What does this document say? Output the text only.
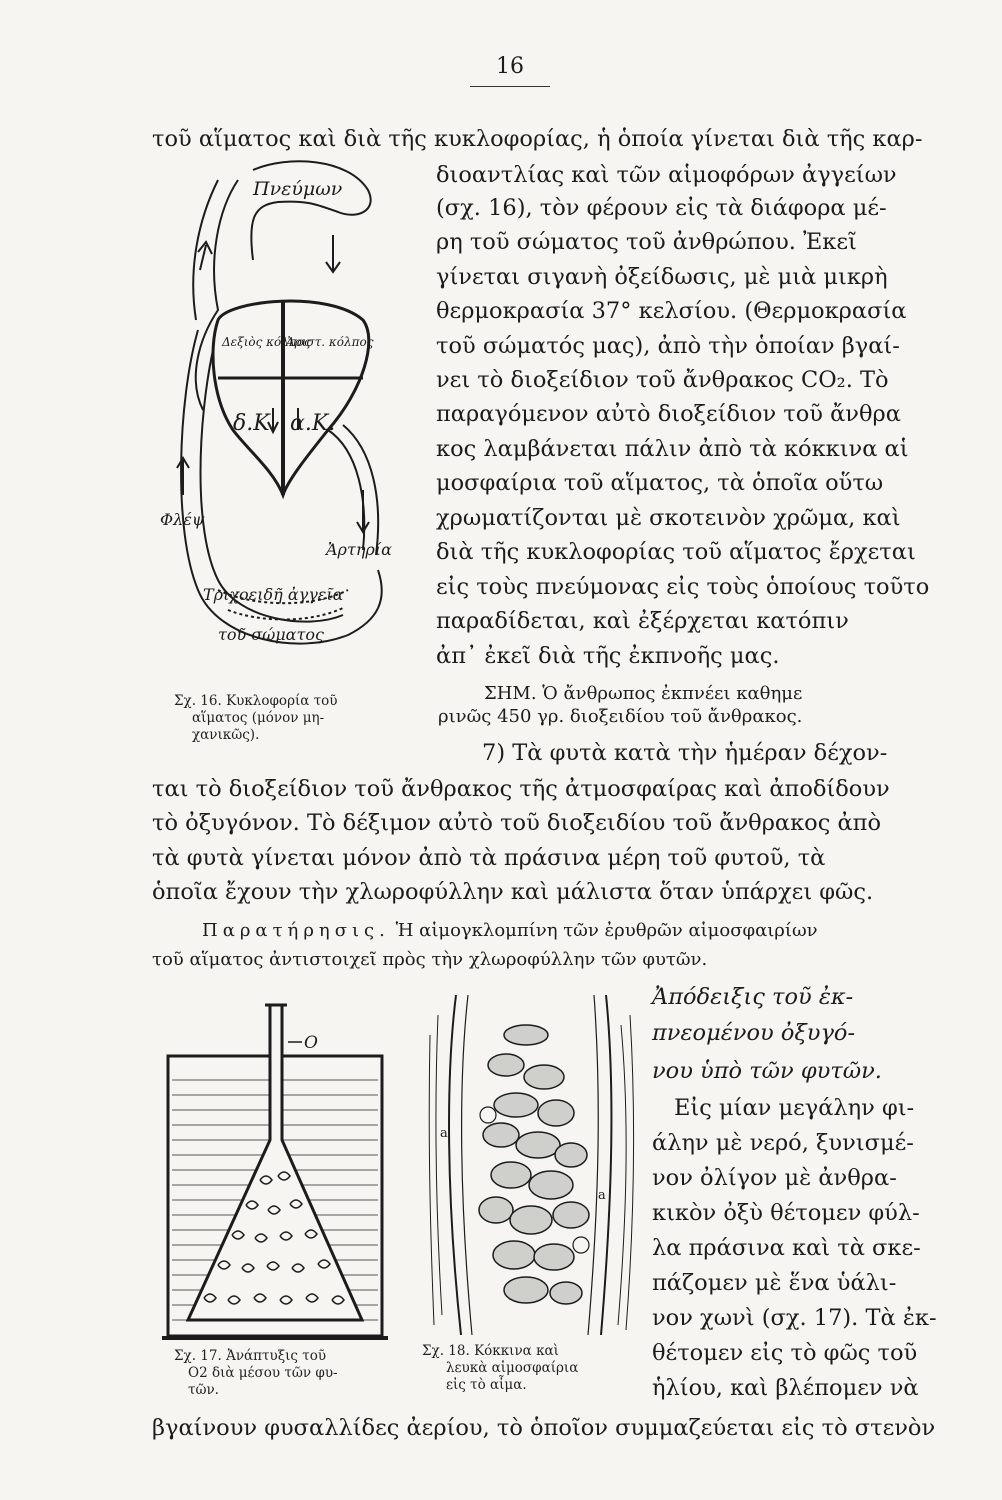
16
τοῦ αἵματος καὶ διὰ τῆς κυκλοφορίας, ἡ ὁποία γίνεται διὰ τῆς καρ-
διοαντλίας καὶ τῶν αἱμοφόρων ἀγγείων
(σχ. 16), τὸν φέρουν εἰς τὰ διάφορα μέ-
ρη τοῦ σώματος τοῦ ἀνθρώπου. Ἐκεῖ
γίνεται σιγανὴ ὀξείδωσις, μὲ μιὰ μικρὴ
θερμοκρασία 37° κελσίου. (Θερμοκρασία
τοῦ σώματός μας), ἀπὸ τὴν ὁποίαν βγαί-
νει τὸ διοξείδιον τοῦ ἄνθρακος CO₂. Τὸ
παραγόμενον αὐτὸ διοξείδιον τοῦ ἄνθρα
κος λαμβάνεται πάλιν ἀπὸ τὰ κόκκινα αἱ
μοσφαίρια τοῦ αἵματος, τὰ ὁποῖα οὕτω
χρωματίζονται μὲ σκοτεινὸν χρῶμα, καὶ
διὰ τῆς κυκλοφορίας τοῦ αἵματος ἔρχεται
εἰς τοὺς πνεύμονας εἰς τοὺς ὁποίους τοῦτο
παραδίδεται, καὶ ἐξέρχεται κατόπιν
ἀπ᾽ ἐκεῖ διὰ τῆς ἐκπνοῆς μας.
ΣΗΜ. Ὁ ἄνθρωπος ἐκπνέει καθημε
ρινῶς 450 γρ. διοξειδίου τοῦ ἄνθρακος.
Πνεύμων
Δεξιὸς κόλπος
Ἀριστ. κόλπος
δ.Κ. α.Κ.
Φλέψ
Ἀρτηρία
Τριχοειδῆ ἀγγεῖα
τοῦ σώματος
Σχ. 16. Κυκλοφορία τοῦ
αἵματος (μόνον μη-
χανικῶς).
7) Τὰ φυτὰ κατὰ τὴν ἡμέραν δέχον-
ται τὸ διοξείδιον τοῦ ἄνθρακος τῆς ἀτμοσφαίρας καὶ ἀποδίδουν
τὸ ὀξυγόνον. Τὸ δέξιμον αὐτὸ τοῦ διοξειδίου τοῦ ἄνθρακος ἀπὸ
τὰ φυτὰ γίνεται μόνον ἀπὸ τὰ πράσινα μέρη τοῦ φυτοῦ, τὰ
ὁποῖα ἔχουν τὴν χλωροφύλλην καὶ μάλιστα ὅταν ὑπάρχει φῶς.
Παρατήρησις. Ἡ αἱμογκλομπίνη τῶν ἐρυθρῶν αἱμοσφαιρίων
τοῦ αἵματος ἀντιστοιχεῖ πρὸς τὴν χλωροφύλλην τῶν φυτῶν.
Ἀπόδειξις τοῦ ἐκ-
πνεομένου ὀξυγό-
νου ὑπὸ τῶν φυτῶν.
Εἰς μίαν μεγάλην φι-
άλην μὲ νερό, ξυνισμέ-
νον ὀλίγον μὲ ἀνθρα-
κικὸν ὀξὺ θέτομεν φύλ-
λα πράσινα καὶ τὰ σκε-
πάζομεν μὲ ἕνα ὑάλι-
νον χωνὶ (σχ. 17). Τὰ ἐκ-
θέτομεν εἰς τὸ φῶς τοῦ
ἡλίου, καὶ βλέπομεν νὰ
O
Σχ. 17. Ἀνάπτυξις τοῦ
O2 διὰ μέσου τῶν φυ-
τῶν.
a
a
Σχ. 18. Κόκκινα καὶ
λευκὰ αἱμοσφαίρια
εἰς τὸ αἷμα.
βγαίνουν φυσαλλίδες ἀερίου, τὸ ὁποῖον συμμαζεύεται εἰς τὸ στενὸν
